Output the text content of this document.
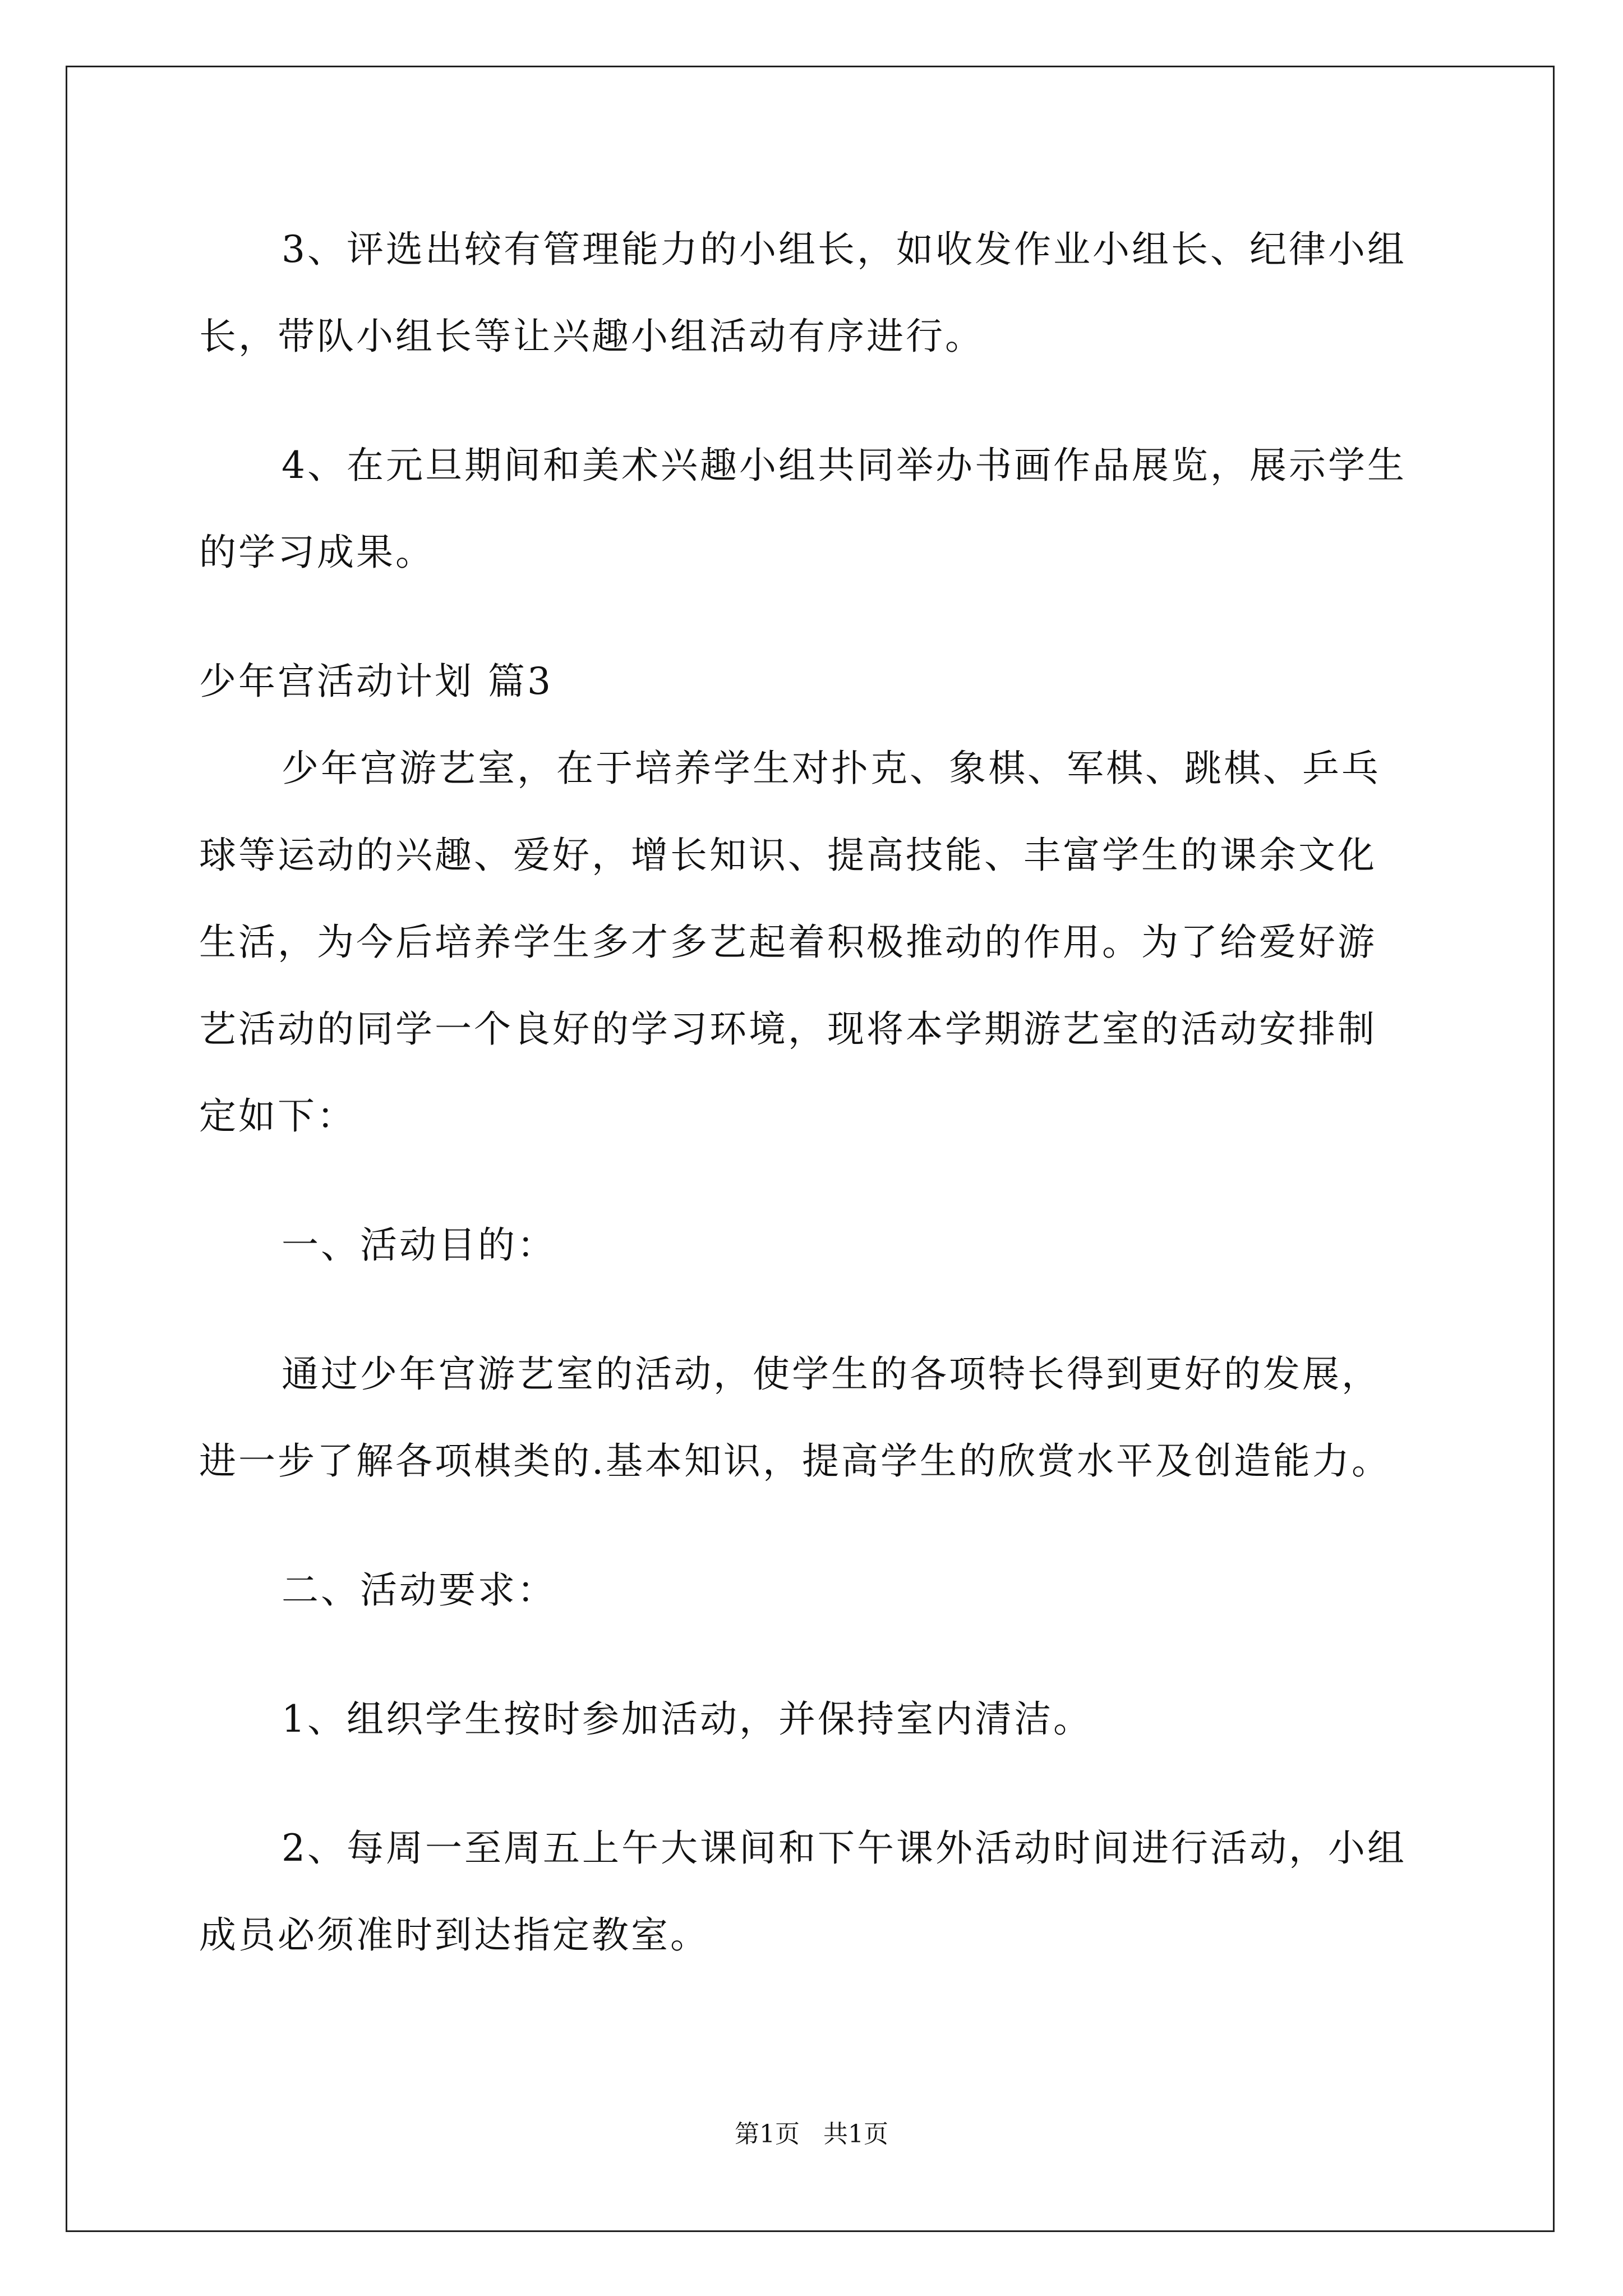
3、评选出较有管理能力的小组长，如收发作业小组长、纪律小组
长，带队小组长等让兴趣小组活动有序进行。
4、在元旦期间和美术兴趣小组共同举办书画作品展览，展示学生
的学习成果。
少年宫活动计划 篇3
少年宫游艺室，在于培养学生对扑克、象棋、军棋、跳棋、乒乓
球等运动的兴趣、爱好，增长知识、提高技能、丰富学生的课余文化
生活，为今后培养学生多才多艺起着积极推动的作用。为了给爱好游
艺活动的同学一个良好的学习环境，现将本学期游艺室的活动安排制
定如下：
一、活动目的：
通过少年宫游艺室的活动，使学生的各项特长得到更好的发展，
进一步了解各项棋类的.基本知识，提高学生的欣赏水平及创造能力。
二、活动要求：
1、组织学生按时参加活动，并保持室内清洁。
2、每周一至周五上午大课间和下午课外活动时间进行活动，小组
成员必须准时到达指定教室。
第1页 共1页
